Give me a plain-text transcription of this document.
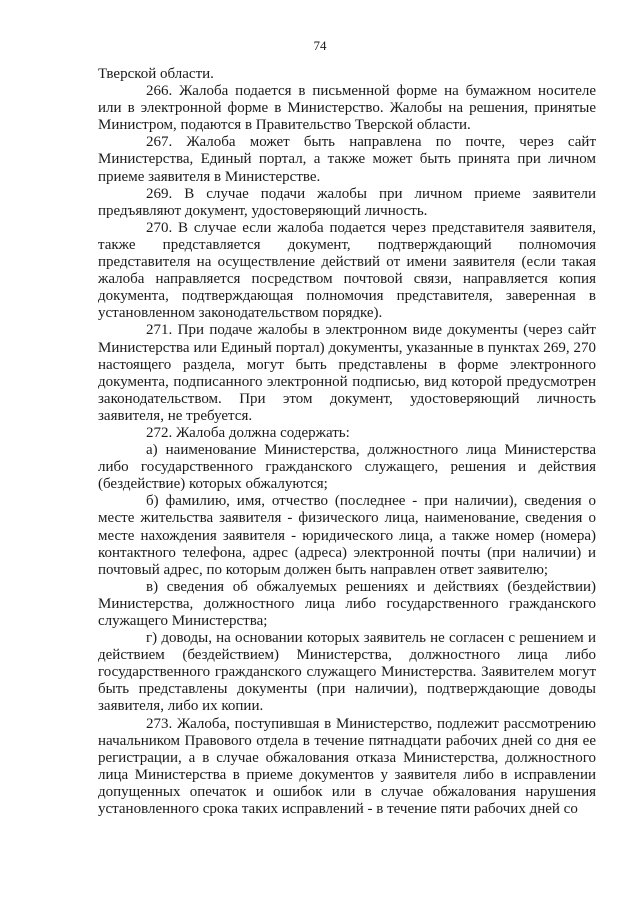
74

Тверской области.

266. Жалоба подается в письменной форме на бумажном носителе или в электронной форме в Министерство. Жалобы на решения, принятые Министром, подаются в Правительство Тверской области.

267. Жалоба может быть направлена по почте, через сайт Министерства, Единый портал, а также может быть принята при личном приеме заявителя в Министерстве.

269. В случае подачи жалобы при личном приеме заявители предъявляют документ, удостоверяющий личность.

270. В случае если жалоба подается через представителя заявителя, также представляется документ, подтверждающий полномочия представителя на осуществление действий от имени заявителя (если такая жалоба направляется посредством почтовой связи, направляется копия документа, подтверждающая полномочия представителя, заверенная в установленном законодательством порядке).

271. При подаче жалобы в электронном виде документы (через сайт Министерства или Единый портал) документы, указанные в пунктах 269, 270 настоящего раздела, могут быть представлены в форме электронного документа, подписанного электронной подписью, вид которой предусмотрен законодательством. При этом документ, удостоверяющий личность заявителя, не требуется.

272. Жалоба должна содержать:

а) наименование Министерства, должностного лица Министерства либо государственного гражданского служащего, решения и действия (бездействие) которых обжалуются;

б) фамилию, имя, отчество (последнее - при наличии), сведения о месте жительства заявителя - физического лица, наименование, сведения о месте нахождения заявителя - юридического лица, а также номер (номера) контактного телефона, адрес (адреса) электронной почты (при наличии) и почтовый адрес, по которым должен быть направлен ответ заявителю;

в) сведения об обжалуемых решениях и действиях (бездействии) Министерства, должностного лица либо государственного гражданского служащего Министерства;

г) доводы, на основании которых заявитель не согласен с решением и действием (бездействием) Министерства, должностного лица либо государственного гражданского служащего Министерства. Заявителем могут быть представлены документы (при наличии), подтверждающие доводы заявителя, либо их копии.

273. Жалоба, поступившая в Министерство, подлежит рассмотрению начальником Правового отдела в течение пятнадцати рабочих дней со дня ее регистрации, а в случае обжалования отказа Министерства, должностного лица Министерства в приеме документов у заявителя либо в исправлении допущенных опечаток и ошибок или в случае обжалования нарушения установленного срока таких исправлений - в течение пяти рабочих дней со
